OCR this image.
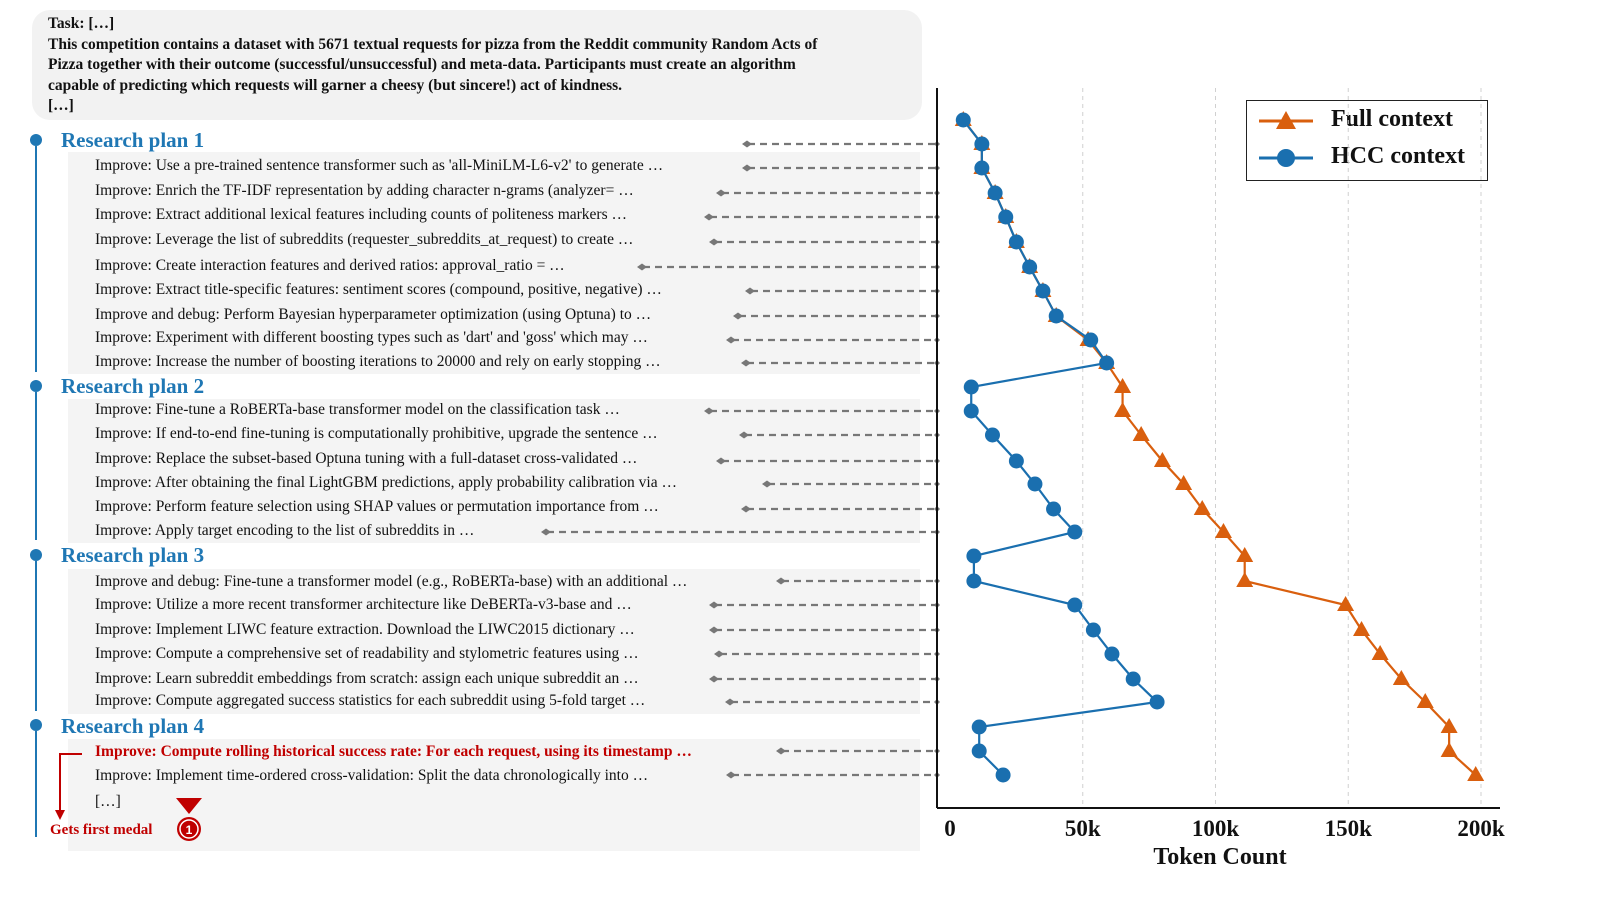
Task: […]
This competition contains a dataset with 5671 textual requests for pizza from the Reddit community Random Acts of
Pizza together with their outcome (successful/unsuccessful) and meta-data. Participants must create an algorithm
capable of predicting which requests will garner a cheesy (but sincere!) act of kindness.
[…]
Research plan 1
Research plan 2
Research plan 3
Research plan 4
Improve: Use a pre-trained sentence transformer such as 'all-MiniLM-L6-v2' to generate …
Improve: Enrich the TF-IDF representation by adding character n-grams (analyzer= …
Improve: Extract additional lexical features including counts of politeness markers …
Improve: Leverage the list of subreddits (requester_subreddits_at_request) to create …
Improve: Create interaction features and derived ratios: approval_ratio = …
Improve: Extract title-specific features: sentiment scores (compound, positive, negative) …
Improve and debug: Perform Bayesian hyperparameter optimization (using Optuna) to …
Improve: Experiment with different boosting types such as 'dart' and 'goss' which may …
Improve: Increase the number of boosting iterations to 20000 and rely on early stopping …
Improve: Fine-tune a RoBERTa-base transformer model on the classification task …
Improve: If end-to-end fine-tuning is computationally prohibitive, upgrade the sentence …
Improve: Replace the subset-based Optuna tuning with a full-dataset cross-validated …
Improve: After obtaining the final LightGBM predictions, apply probability calibration via …
Improve: Perform feature selection using SHAP values or permutation importance from …
Improve: Apply target encoding to the list of subreddits in …
Improve and debug: Fine-tune a transformer model (e.g., RoBERTa-base) with an additional …
Improve: Utilize a more recent transformer architecture like DeBERTa-v3-base and …
Improve: Implement LIWC feature extraction. Download the LIWC2015 dictionary …
Improve: Compute a comprehensive set of readability and stylometric features using …
Improve: Learn subreddit embeddings from scratch: assign each unique subreddit an …
Improve: Compute aggregated success statistics for each subreddit using 5-fold target …
Improve: Compute rolling historical success rate: For each request, using its timestamp …
Improve: Implement time-ordered cross-validation: Split the data chronologically into …
[…]
Gets first medal
Full context
HCC context
0	50k	100k	150k	200k
Token Count
1
